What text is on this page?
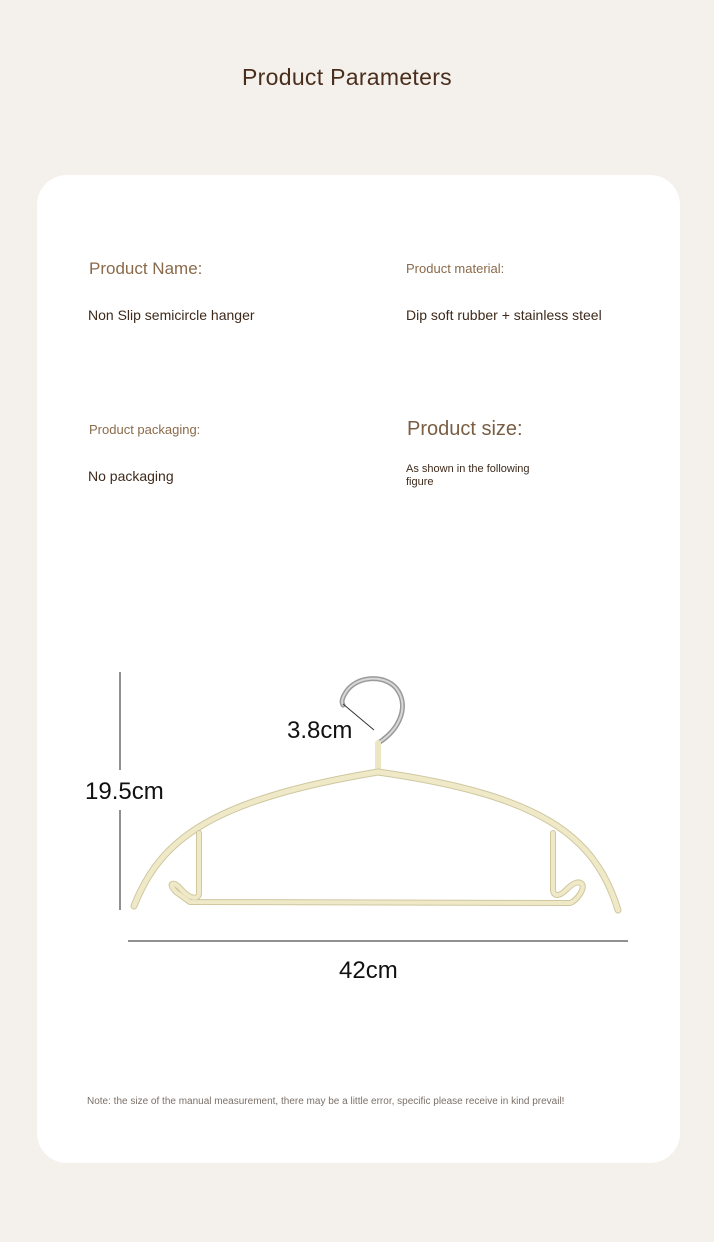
Product Parameters
Product Name:
Non Slip semicircle hanger
Product material:
Dip soft rubber + stainless steel
Product packaging:
No packaging
Product size:
As shown in the following figure
19.5cm
3.8cm
42cm
Note: the size of the manual measurement, there may be a little error, specific please receive in kind prevail!
